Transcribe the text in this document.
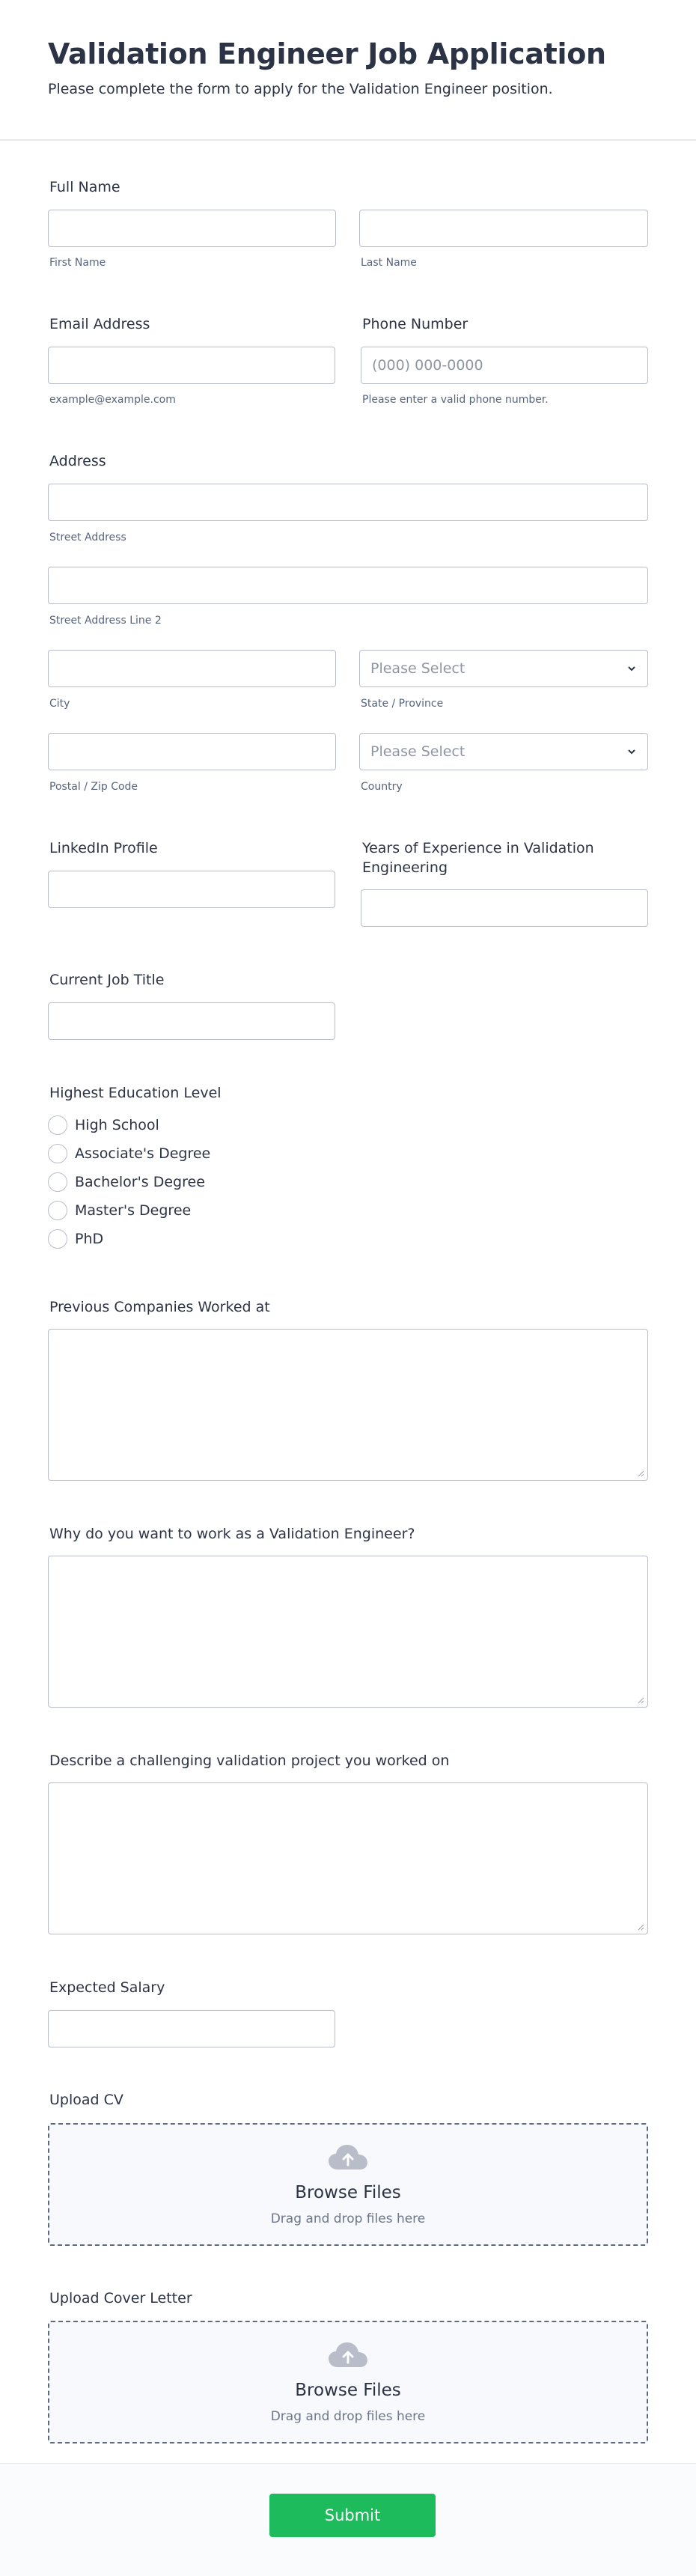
Validation Engineer Job Application
Please complete the form to apply for the Validation Engineer position.
Full Name
First Name	Last Name
Email Address
example@example.com
Phone Number
(000) 000-0000
Please enter a valid phone number.
Address
Street Address
Street Address Line 2
City
Please Select
State / Province
Postal / Zip Code
Please Select
Country
LinkedIn Profile	Years of Experience in Validation Engineering
Current Job Title
Highest Education Level
High School
Associate's Degree
Bachelor's Degree
Master's Degree
PhD
Previous Companies Worked at
Why do you want to work as a Validation Engineer?
Describe a challenging validation project you worked on
Expected Salary
Upload CV
Browse Files
Drag and drop files here
Upload Cover Letter
Browse Files
Drag and drop files here
Submit
